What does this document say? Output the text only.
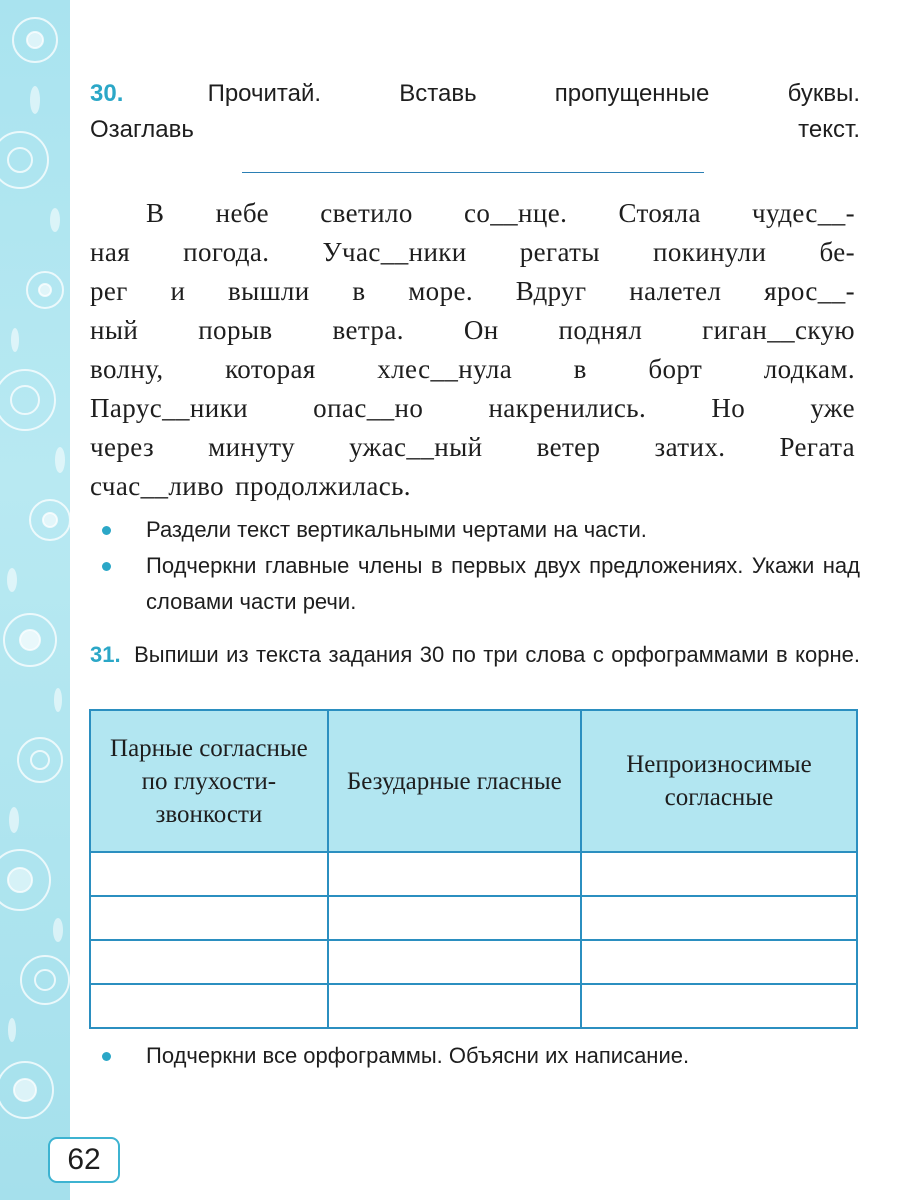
30.	Прочитай. Вставь пропущенные буквы.
Озаглавь текст.
В небе светило со__нце. Стояла чудес__-
ная погода. Учас__ники регаты покинули бе-
рег и вышли в море. Вдруг налетел ярос__-
ный порыв ветра. Он поднял гиган__скую
волну, которая хлес__нула в борт лодкам.
Парус__ники опас__но накренились. Но уже
через минуту ужас__ный ветер затих. Регата
счас__ливо продолжилась.
Раздели текст вертикальными чертами на части.
Подчеркни главные члены в первых двух предложениях. Укажи над словами части речи.
31. Выпиши из текста задания 30 по три слова с орфограммами в корне.
Парные согласные по глухости-звонкости	Безударные гласные	Непроизносимые согласные

Подчеркни все орфограммы. Объясни их написание.
62
